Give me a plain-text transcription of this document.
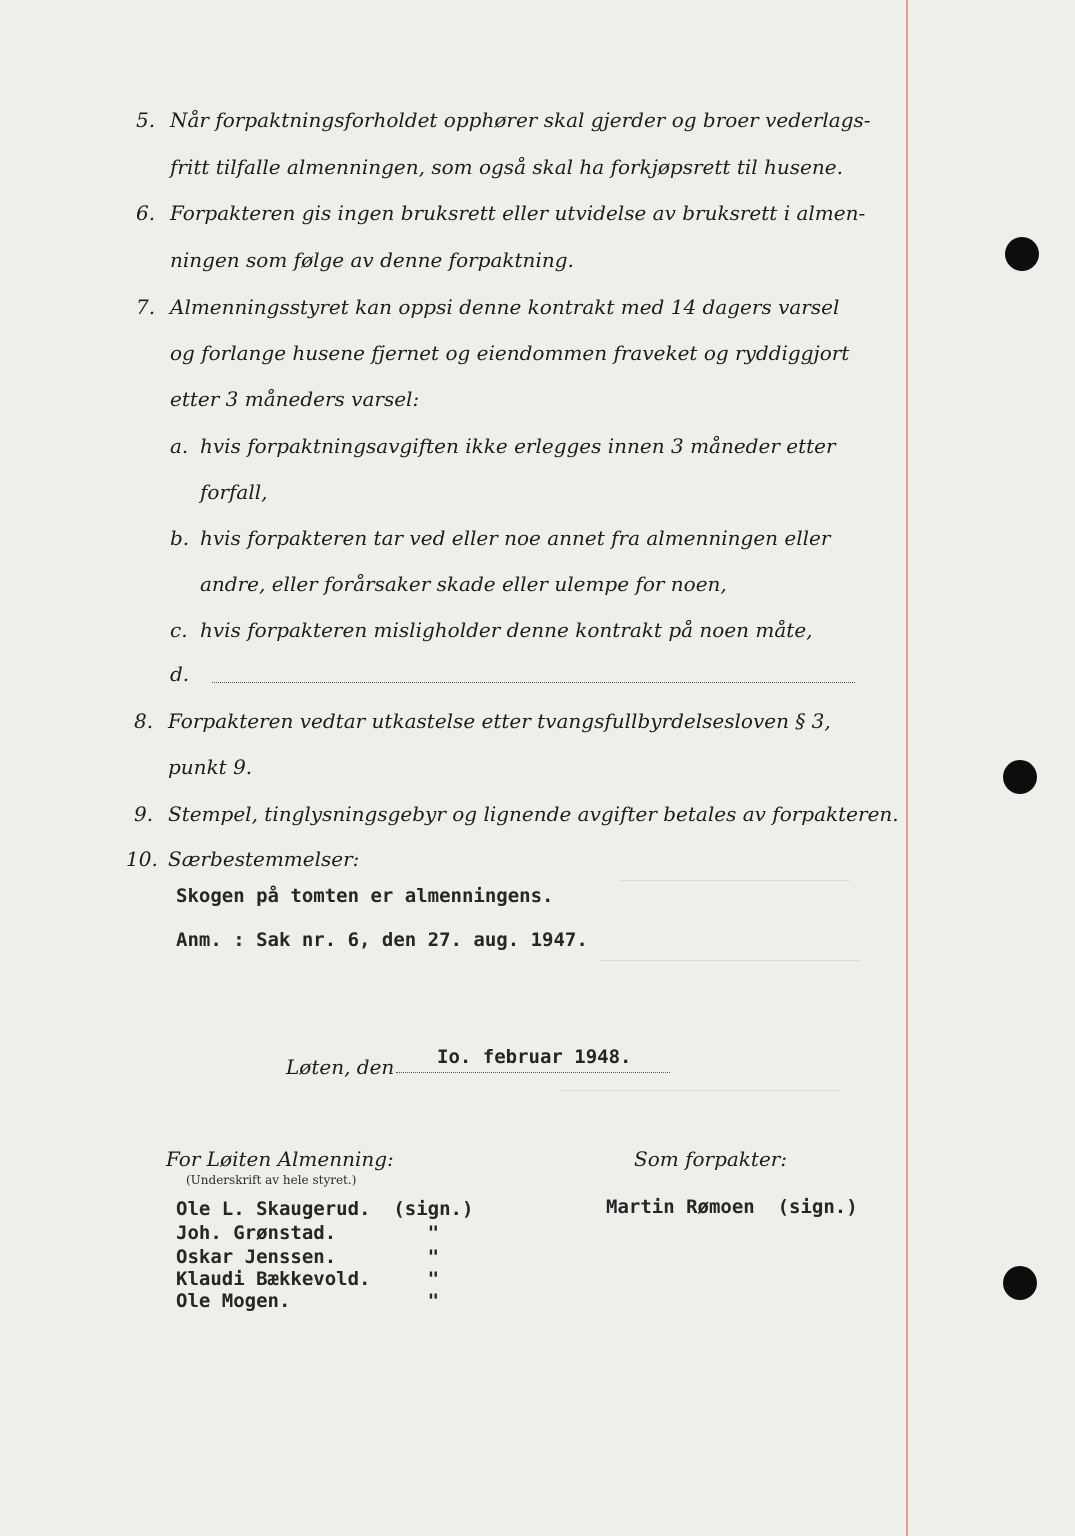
5. Når forpaktningsforholdet opphører skal gjerder og broer vederlags-
fritt tilfalle almenningen, som også skal ha forkjøpsrett til husene.
6. Forpakteren gis ingen bruksrett eller utvidelse av bruksrett i almen-
ningen som følge av denne forpaktning.
7. Almenningsstyret kan oppsi denne kontrakt med 14 dagers varsel
og forlange husene fjernet og eiendommen fraveket og ryddiggjort
etter 3 måneders varsel:
a. hvis forpaktningsavgiften ikke erlegges innen 3 måneder etter
forfall,
b. hvis forpakteren tar ved eller noe annet fra almenningen eller
andre, eller forårsaker skade eller ulempe for noen,
c. hvis forpakteren misligholder denne kontrakt på noen måte,
d.
8. Forpakteren vedtar utkastelse etter tvangsfullbyrdelsesloven § 3,
punkt 9.
9. Stempel, tinglysningsgebyr og lignende avgifter betales av forpakteren.
10. Særbestemmelser:
Skogen på tomten er almenningens.
Anm. : Sak nr. 6, den 27. aug. 1947.
Løten, den Io. februar 1948.
For Løiten Almenning:
(Underskrift av hele styret.)
Som forpakter:
Ole L. Skaugerud.  (sign.)
Joh. Grønstad.        "
Oskar Jenssen.        "
Klaudi Bækkevold.     "
Ole Mogen.            "
Martin Rømoen  (sign.)
